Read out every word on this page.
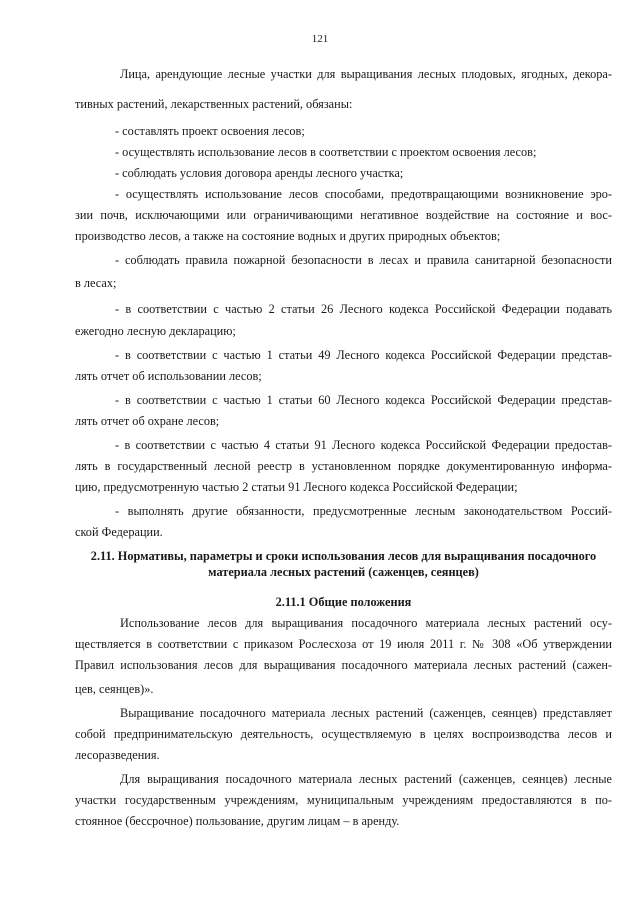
121
Лица, арендующие лесные участки для выращивания лесных плодовых, ягодных, декора-
тивных растений, лекарственных растений, обязаны:
- составлять проект освоения лесов;
- осуществлять использование лесов в соответствии с проектом освоения лесов;
- соблюдать условия договора аренды лесного участка;
- осуществлять использование лесов способами, предотвращающими возникновение эро-
зии почв, исключающими или ограничивающими негативное воздействие на состояние и вос-
производство лесов, а также на состояние водных и других природных объектов;
- соблюдать правила пожарной безопасности в лесах и правила санитарной безопасности
в лесах;
- в соответствии с частью 2 статьи 26 Лесного кодекса Российской Федерации подавать
ежегодно лесную декларацию;
- в соответствии с частью 1 статьи 49 Лесного кодекса Российской Федерации представ-
лять отчет об использовании лесов;
- в соответствии с частью 1 статьи 60 Лесного кодекса Российской Федерации представ-
лять отчет об охране лесов;
- в соответствии с частью 4 статьи 91 Лесного кодекса Российской Федерации предостав-
лять в государственный лесной реестр в установленном порядке документированную информа-
цию, предусмотренную частью 2 статьи 91 Лесного кодекса Российской Федерации;
- выполнять другие обязанности, предусмотренные лесным законодательством Россий-
ской Федерации.
2.11. Нормативы, параметры и сроки использования лесов для выращивания посадочного
материала лесных растений (саженцев, сеянцев)
2.11.1 Общие положения
Использование лесов для выращивания посадочного материала лесных растений осу-
ществляется в соответствии с приказом Рослесхоза от 19 июля 2011 г. № 308 «Об утверждении
Правил использования лесов для выращивания посадочного материала лесных растений (сажен-
цев, сеянцев)».
Выращивание посадочного материала лесных растений (саженцев, сеянцев) представляет
собой предпринимательскую деятельность, осуществляемую в целях воспроизводства лесов и
лесоразведения.
Для выращивания посадочного материала лесных растений (саженцев, сеянцев) лесные
участки государственным учреждениям, муниципальным учреждениям предоставляются в по-
стоянное (бессрочное) пользование, другим лицам – в аренду.
